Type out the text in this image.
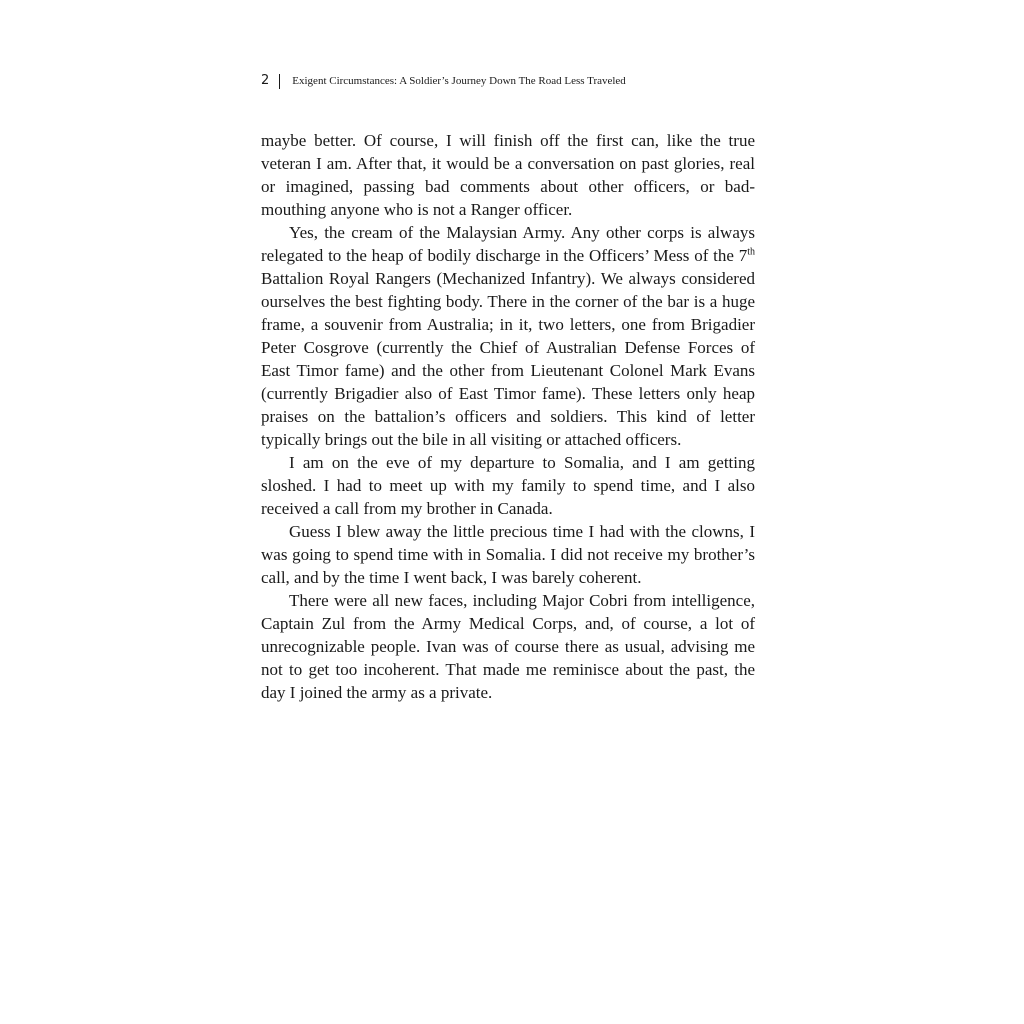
2 Exigent Circumstances: A Soldier’s Journey Down The Road Less Traveled

maybe better. Of course, I will finish off the first can, like the true veteran I am. After that, it would be a conversation on past glories, real or imagined, passing bad comments about other officers, or bad-mouthing anyone who is not a Ranger officer.

Yes, the cream of the Malaysian Army. Any other corps is always relegated to the heap of bodily discharge in the Officers’ Mess of the 7th Battalion Royal Rangers (Mechanized Infantry). We always considered ourselves the best fighting body. There in the corner of the bar is a huge frame, a souvenir from Australia; in it, two letters, one from Brigadier Peter Cosgrove (currently the Chief of Australian Defense Forces of East Timor fame) and the other from Lieutenant Colonel Mark Evans (currently Brigadier also of East Timor fame). These letters only heap praises on the battalion’s officers and soldiers. This kind of letter typically brings out the bile in all visiting or attached officers.

I am on the eve of my departure to Somalia, and I am getting sloshed. I had to meet up with my family to spend time, and I also received a call from my brother in Canada.

Guess I blew away the little precious time I had with the clowns, I was going to spend time with in Somalia. I did not receive my brother’s call, and by the time I went back, I was barely coherent.

There were all new faces, including Major Cobri from intelligence, Captain Zul from the Army Medical Corps, and, of course, a lot of unrecognizable people. Ivan was of course there as usual, advising me not to get too incoherent. That made me reminisce about the past, the day I joined the army as a private.
